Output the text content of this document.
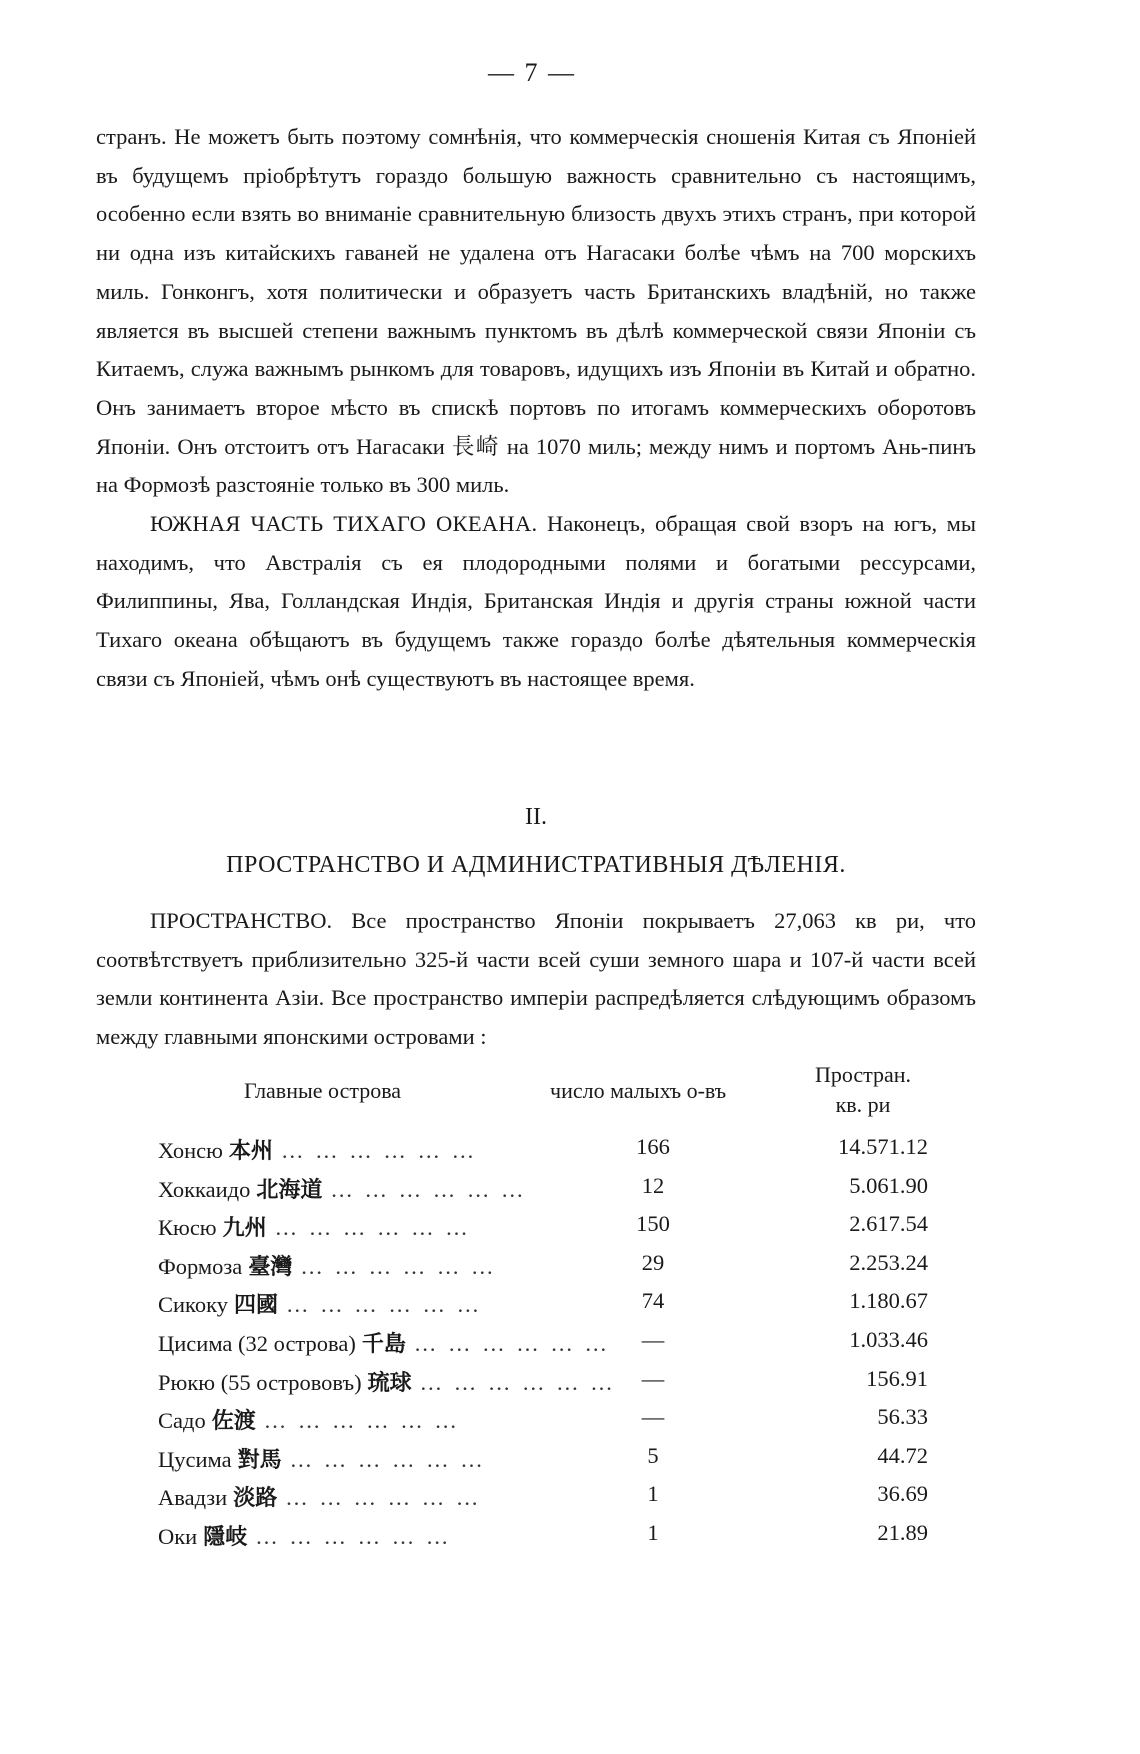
— 7 —

странъ. Не можетъ быть поэтому сомнѣнія, что коммерческія сношенія Китая съ Японіей въ будущемъ пріобрѣтутъ гораздо большую важность сравнительно съ настоящимъ, особенно если взять во вниманіе сравнительную близость двухъ этихъ странъ, при которой ни одна изъ китайскихъ гаваней не удалена отъ Нагасаки болѣе чѣмъ на 700 морскихъ миль. Гонконгъ, хотя политически и образуетъ часть Британскихъ владѣній, но также является въ высшей степени важнымъ пунктомъ въ дѣлѣ коммерческой связи Японіи съ Китаемъ, служа важнымъ рынкомъ для товаровъ, идущихъ изъ Японіи въ Китай и обратно. Онъ занимаетъ второе мѣсто въ спискѣ портовъ по итогамъ коммерческихъ оборотовъ Японіи. Онъ отстоитъ отъ Нагасаки 長崎 на 1070 миль; между нимъ и портомъ Ань-пинъ на Формозѣ разстояніе только въ 300 миль.

ЮЖНАЯ ЧАСТЬ ТИХАГО ОКЕАНА. Наконецъ, обращая свой взоръ на югъ, мы находимъ, что Австралія съ ея плодородными полями и богатыми рессурсами, Филиппины, Ява, Голландская Индія, Британская Индія и другія страны южной части Тихаго океана обѣщаютъ въ будущемъ также гораздо болѣе дѣятельныя коммерческія связи съ Японіей, чѣмъ онѣ существуютъ въ настоящее время.

II.
ПРОСТРАНСТВО И АДМИНИСТРАТИВНЫЯ ДѢЛЕНІЯ.

ПРОСТРАНСТВО. Все пространство Японіи покрываетъ 27,063 кв ри, что соотвѣтствуетъ приблизительно 325-й части всей суши земного шара и 107-й части всей земли континента Азіи. Все пространство имперіи распредѣляется слѣдующимъ образомъ между главными японскими островами :

Главные острова	число малыхъ о-въ
Простран.
кв. ри
Хонсю 本州 … … … … … …	166	14.571.12
Хоккаидо 北海道 … … … … … …	12	5.061.90
Кюсю 九州 … … … … … …	150	2.617.54
Формоза 臺灣 … … … … … …	29	2.253.24
Сикоку 四國 … … … … … …	74	1.180.67
Цисима (32 острова) 千島 … … … … … …	—	1.033.46
Рюкю (55 острововъ) 琉球 … … … … … …	—	156.91
Садо 佐渡 … … … … … …	—	56.33
Цусима 對馬 … … … … … …	5	44.72
Авадзи 淡路 … … … … … …	1	36.69
Оки 隱岐 … … … … … …	1	21.89
